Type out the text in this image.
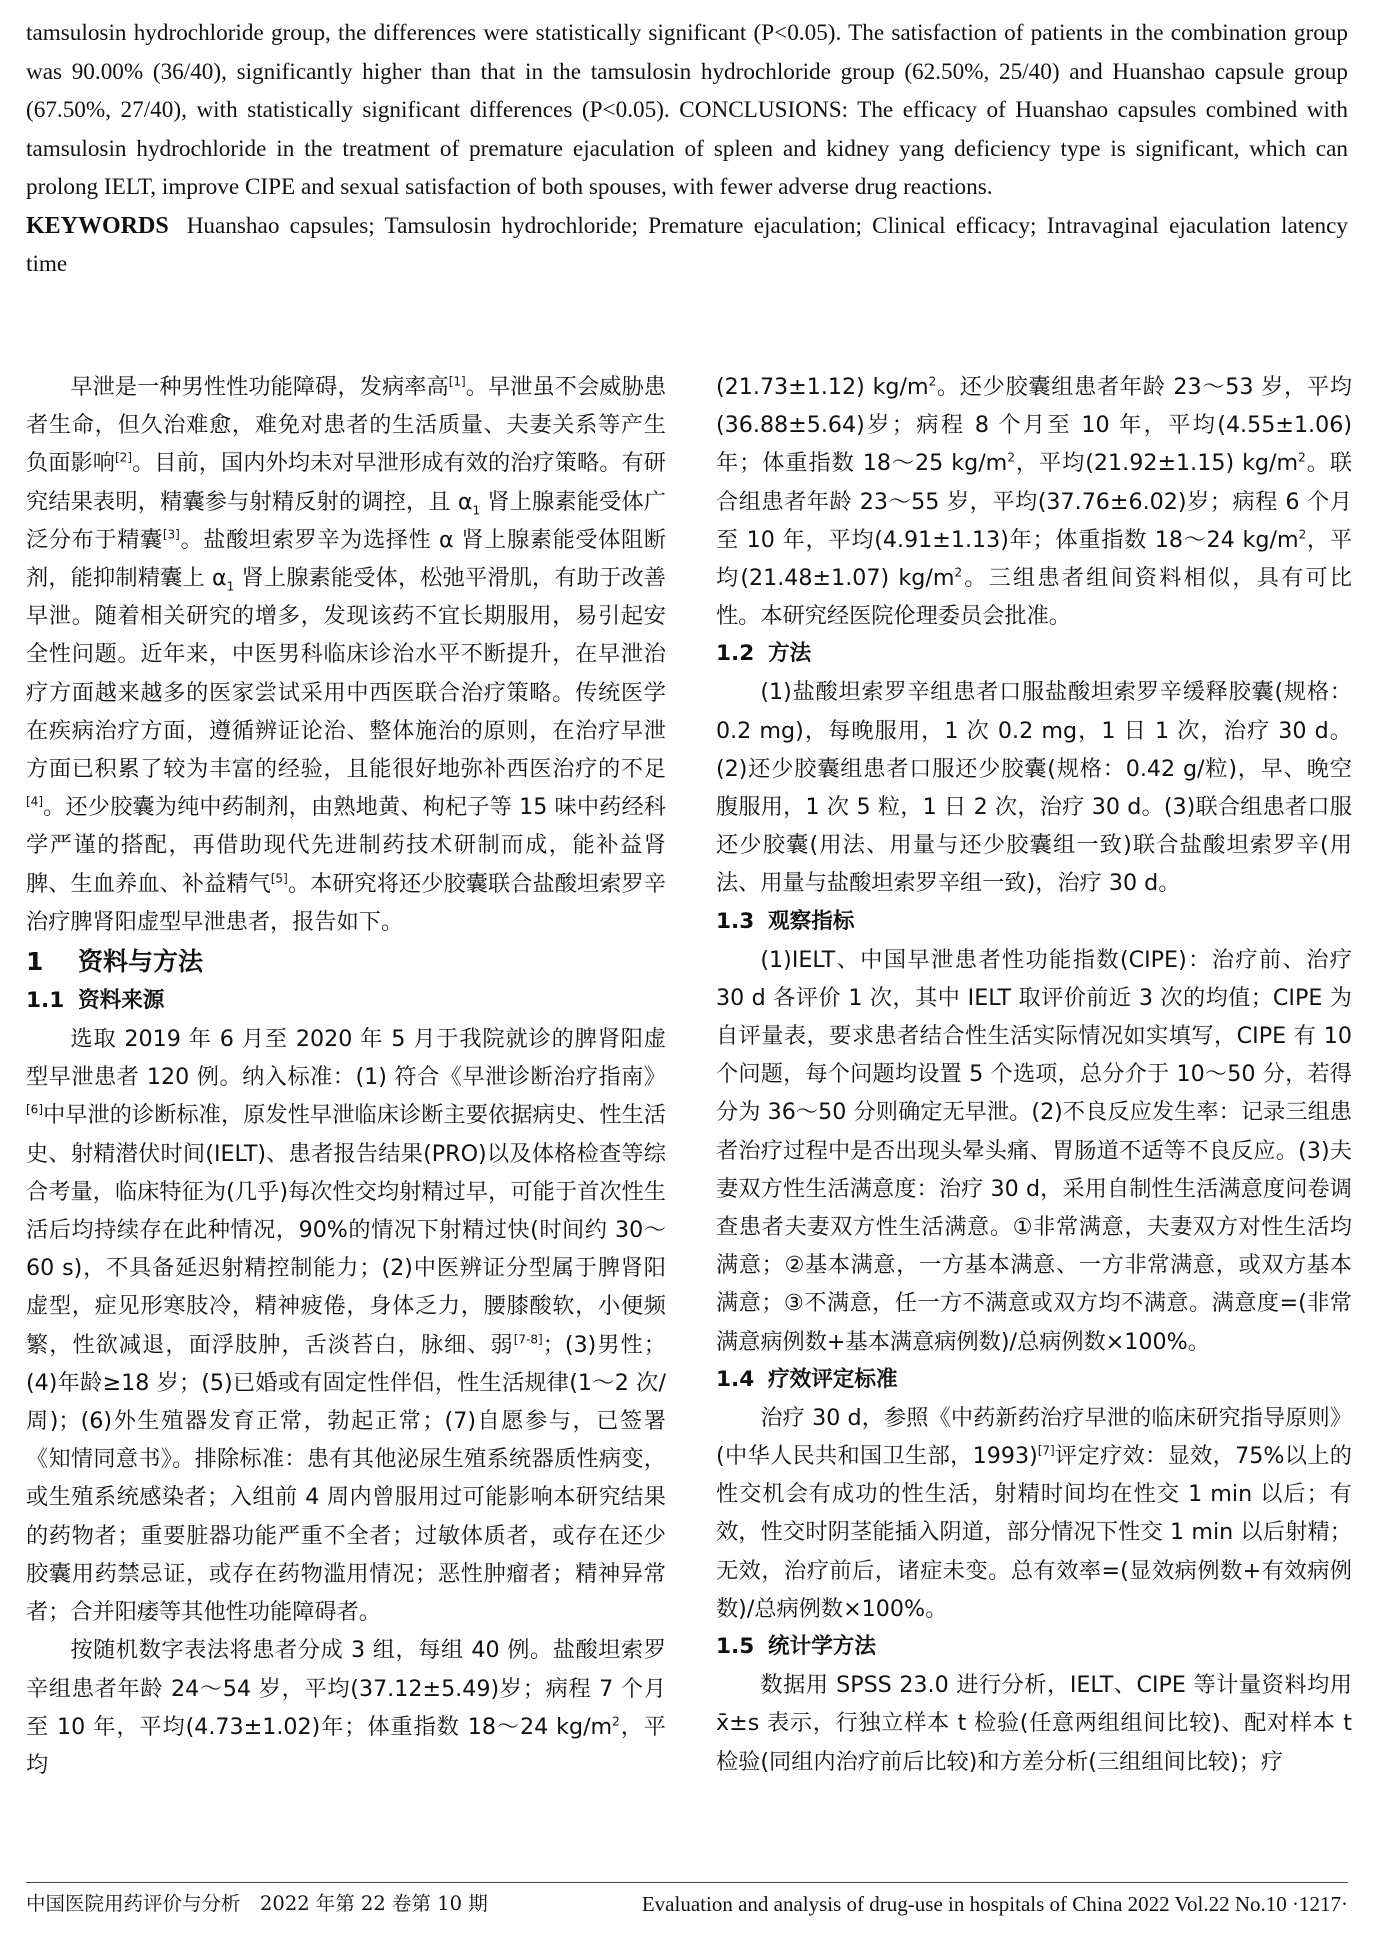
tamsulosin hydrochloride group, the differences were statistically significant (P<0.05). The satisfaction of patients in the combination group was 90.00% (36/40), significantly higher than that in the tamsulosin hydrochloride group (62.50%, 25/40) and Huanshao capsule group (67.50%, 27/40), with statistically significant differences (P<0.05). CONCLUSIONS: The efficacy of Huanshao capsules combined with tamsulosin hydrochloride in the treatment of premature ejaculation of spleen and kidney yang deficiency type is significant, which can prolong IELT, improve CIPE and sexual satisfaction of both spouses, with fewer adverse drug reactions.

KEYWORDS Huanshao capsules; Tamsulosin hydrochloride; Premature ejaculation; Clinical efficacy; Intravaginal ejaculation latency time

早泄是一种男性性功能障碍，发病率高[1]。早泄虽不会威胁患者生命，但久治难愈，难免对患者的生活质量、夫妻关系等产生负面影响[2]。目前，国内外均未对早泄形成有效的治疗策略。有研究结果表明，精囊参与射精反射的调控，且 $\alpha_1$ 肾上腺素能受体广泛分布于精囊[3]。盐酸坦索罗辛为选择性 α 肾上腺素能受体阻断剂，能抑制精囊上 $\alpha_1$ 肾上腺素能受体，松弛平滑肌，有助于改善早泄。随着相关研究的增多，发现该药不宜长期服用，易引起安全性问题。近年来，中医男科临床诊治水平不断提升，在早泄治疗方面越来越多的医家尝试采用中西医联合治疗策略。传统医学在疾病治疗方面，遵循辨证论治、整体施治的原则，在治疗早泄方面已积累了较为丰富的经验，且能很好地弥补西医治疗的不足[4]。还少胶囊为纯中药制剂，由熟地黄、枸杞子等 15 味中药经科学严谨的搭配，再借助现代先进制药技术研制而成，能补益肾脾、生血养血、补益精气[5]。本研究将还少胶囊联合盐酸坦索罗辛治疗脾肾阳虚型早泄患者，报告如下。

1 资料与方法
1.1 资料来源

选取 2019 年 6 月至 2020 年 5 月于我院就诊的脾肾阳虚型早泄患者 120 例。纳入标准：(1) 符合《早泄诊断治疗指南》[6]中早泄的诊断标准，原发性早泄临床诊断主要依据病史、性生活史、射精潜伏时间(IELT)、患者报告结果(PRO)以及体格检查等综合考量，临床特征为(几乎)每次性交均射精过早，可能于首次性生活后均持续存在此种情况，90%的情况下射精过快(时间约 30～60 s)，不具备延迟射精控制能力；(2)中医辨证分型属于脾肾阳虚型，症见形寒肢冷，精神疲倦，身体乏力，腰膝酸软，小便频繁，性欲减退，面浮肢肿，舌淡苔白，脉细、弱[7-8]；(3)男性；(4)年龄≥18 岁；(5)已婚或有固定性伴侣，性生活规律(1～2 次/周)；(6)外生殖器发育正常，勃起正常；(7)自愿参与，已签署《知情同意书》。排除标准：患有其他泌尿生殖系统器质性病变，或生殖系统感染者；入组前 4 周内曾服用过可能影响本研究结果的药物者；重要脏器功能严重不全者；过敏体质者，或存在还少胶囊用药禁忌证，或存在药物滥用情况；恶性肿瘤者；精神异常者；合并阳痿等其他性功能障碍者。

按随机数字表法将患者分成 3 组，每组 40 例。盐酸坦索罗辛组患者年龄 24～54 岁，平均(37.12±5.49)岁；病程 7 个月至 10 年，平均(4.73±1.02)年；体重指数 18～24 $kg/m^2$，平均

(21.73±1.12) $kg/m^2$。还少胶囊组患者年龄 23～53 岁，平均(36.88±5.64)岁；病程 8 个月至 10 年，平均(4.55±1.06)年；体重指数 18～25 $kg/m^2$，平均(21.92±1.15) $kg/m^2$。联合组患者年龄 23～55 岁，平均(37.76±6.02)岁；病程 6 个月至 10 年，平均(4.91±1.13)年；体重指数 18～24 $kg/m^2$，平均(21.48±1.07) $kg/m^2$。三组患者组间资料相似，具有可比性。本研究经医院伦理委员会批准。

1.2 方法

(1)盐酸坦索罗辛组患者口服盐酸坦索罗辛缓释胶囊(规格：0.2 mg)，每晚服用，1 次 0.2 mg，1 日 1 次，治疗 30 d。(2)还少胶囊组患者口服还少胶囊(规格：0.42 g/粒)，早、晚空腹服用，1 次 5 粒，1 日 2 次，治疗 30 d。(3)联合组患者口服还少胶囊(用法、用量与还少胶囊组一致)联合盐酸坦索罗辛(用法、用量与盐酸坦索罗辛组一致)，治疗 30 d。

1.3 观察指标

(1)IELT、中国早泄患者性功能指数(CIPE)：治疗前、治疗 30 d 各评价 1 次，其中 IELT 取评价前近 3 次的均值；CIPE 为自评量表，要求患者结合性生活实际情况如实填写，CIPE 有 10 个问题，每个问题均设置 5 个选项，总分介于 10～50 分，若得分为 36～50 分则确定无早泄。(2)不良反应发生率：记录三组患者治疗过程中是否出现头晕头痛、胃肠道不适等不良反应。(3)夫妻双方性生活满意度：治疗 30 d，采用自制性生活满意度问卷调查患者夫妻双方性生活满意。①非常满意，夫妻双方对性生活均满意；②基本满意，一方基本满意、一方非常满意，或双方基本满意；③不满意，任一方不满意或双方均不满意。满意度=(非常满意病例数+基本满意病例数)/总病例数×100%。

1.4 疗效评定标准

治疗 30 d，参照《中药新药治疗早泄的临床研究指导原则》(中华人民共和国卫生部，1993)[7]评定疗效：显效，75%以上的性交机会有成功的性生活，射精时间均在性交 1 min 以后；有效，性交时阴茎能插入阴道，部分情况下性交 1 min 以后射精；无效，治疗前后，诸症未变。总有效率=(显效病例数+有效病例数)/总病例数×100%。

1.5 统计学方法

数据用 SPSS 23.0 进行分析，IELT、CIPE 等计量资料均用 x̄±s 表示，行独立样本 t 检验(任意两组组间比较)、配对样本 t 检验(同组内治疗前后比较)和方差分析(三组组间比较)；疗

中国医院用药评价与分析　2022 年第 22 卷第 10 期	Evaluation and analysis of drug-use in hospitals of China 2022 Vol.22 No.10 ·1217·
